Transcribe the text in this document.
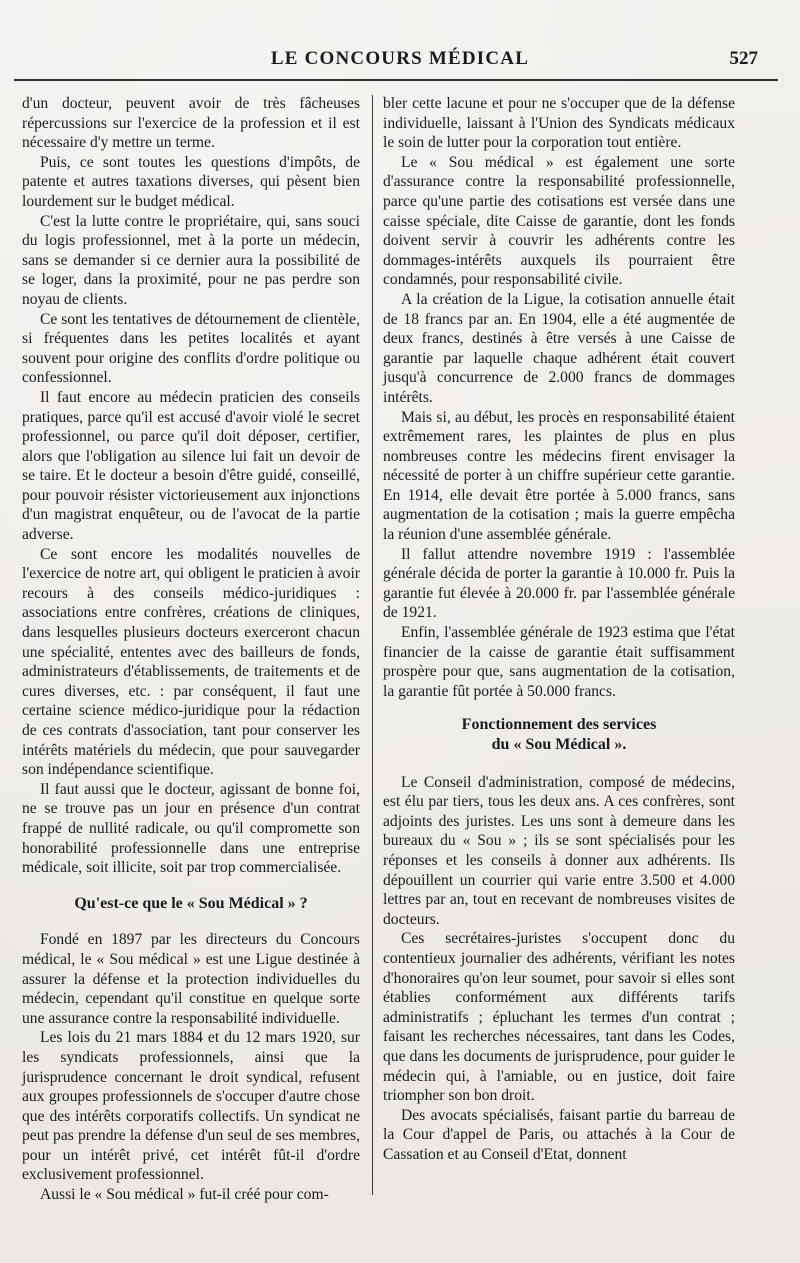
LE CONCOURS MÉDICAL	527

d'un docteur, peuvent avoir de très fâcheuses répercussions sur l'exercice de la profession et il est nécessaire d'y mettre un terme.

Puis, ce sont toutes les questions d'impôts, de patente et autres taxations diverses, qui pèsent bien lourdement sur le budget médical.

C'est la lutte contre le propriétaire, qui, sans souci du logis professionnel, met à la porte un médecin, sans se demander si ce dernier aura la possibilité de se loger, dans la proximité, pour ne pas perdre son noyau de clients.

Ce sont les tentatives de détournement de clientèle, si fréquentes dans les petites localités et ayant souvent pour origine des conflits d'ordre politique ou confessionnel.

Il faut encore au médecin praticien des conseils pratiques, parce qu'il est accusé d'avoir violé le secret professionnel, ou parce qu'il doit déposer, certifier, alors que l'obligation au silence lui fait un devoir de se taire. Et le docteur a besoin d'être guidé, conseillé, pour pouvoir résister victorieusement aux injonctions d'un magistrat enquêteur, ou de l'avocat de la partie adverse.

Ce sont encore les modalités nouvelles de l'exercice de notre art, qui obligent le praticien à avoir recours à des conseils médico-juridiques : associations entre confrères, créations de cliniques, dans lesquelles plusieurs docteurs exerceront chacun une spécialité, ententes avec des bailleurs de fonds, administrateurs d'établissements, de traitements et de cures diverses, etc. : par conséquent, il faut une certaine science médico-juridique pour la rédaction de ces contrats d'association, tant pour conserver les intérêts matériels du médecin, que pour sauvegarder son indépendance scientifique.

Il faut aussi que le docteur, agissant de bonne foi, ne se trouve pas un jour en présence d'un contrat frappé de nullité radicale, ou qu'il compromette son honorabilité professionnelle dans une entreprise médicale, soit illicite, soit par trop commercialisée.

Qu'est-ce que le « Sou Médical » ?

Fondé en 1897 par les directeurs du Concours médical, le « Sou médical » est une Ligue destinée à assurer la défense et la protection individuelles du médecin, cependant qu'il constitue en quelque sorte une assurance contre la responsabilité individuelle.

Les lois du 21 mars 1884 et du 12 mars 1920, sur les syndicats professionnels, ainsi que la jurisprudence concernant le droit syndical, refusent aux groupes professionnels de s'occuper d'autre chose que des intérêts corporatifs collectifs. Un syndicat ne peut pas prendre la défense d'un seul de ses membres, pour un intérêt privé, cet intérêt fût-il d'ordre exclusivement professionnel.

Aussi le « Sou médical » fut-il créé pour com-

bler cette lacune et pour ne s'occuper que de la défense individuelle, laissant à l'Union des Syndicats médicaux le soin de lutter pour la corporation tout entière.

Le « Sou médical » est également une sorte d'assurance contre la responsabilité professionnelle, parce qu'une partie des cotisations est versée dans une caisse spéciale, dite Caisse de garantie, dont les fonds doivent servir à couvrir les adhérents contre les dommages-intérêts auxquels ils pourraient être condamnés, pour responsabilité civile.

A la création de la Ligue, la cotisation annuelle était de 18 francs par an. En 1904, elle a été augmentée de deux francs, destinés à être versés à une Caisse de garantie par laquelle chaque adhérent était couvert jusqu'à concurrence de 2.000 francs de dommages intérêts.

Mais si, au début, les procès en responsabilité étaient extrêmement rares, les plaintes de plus en plus nombreuses contre les médecins firent envisager la nécessité de porter à un chiffre supérieur cette garantie. En 1914, elle devait être portée à 5.000 francs, sans augmentation de la cotisation ; mais la guerre empêcha la réunion d'une assemblée générale.

Il fallut attendre novembre 1919 : l'assemblée générale décida de porter la garantie à 10.000 fr. Puis la garantie fut élevée à 20.000 fr. par l'assemblée générale de 1921.

Enfin, l'assemblée générale de 1923 estima que l'état financier de la caisse de garantie était suffisamment prospère pour que, sans augmentation de la cotisation, la garantie fût portée à 50.000 francs.

Fonctionnement des services
du « Sou Médical ».

Le Conseil d'administration, composé de médecins, est élu par tiers, tous les deux ans. A ces confrères, sont adjoints des juristes. Les uns sont à demeure dans les bureaux du « Sou » ; ils se sont spécialisés pour les réponses et les conseils à donner aux adhérents. Ils dépouillent un courrier qui varie entre 3.500 et 4.000 lettres par an, tout en recevant de nombreuses visites de docteurs.

Ces secrétaires-juristes s'occupent donc du contentieux journalier des adhérents, vérifiant les notes d'honoraires qu'on leur soumet, pour savoir si elles sont établies conformément aux différents tarifs administratifs ; épluchant les termes d'un contrat ; faisant les recherches nécessaires, tant dans les Codes, que dans les documents de jurisprudence, pour guider le médecin qui, à l'amiable, ou en justice, doit faire triompher son bon droit.

Des avocats spécialisés, faisant partie du barreau de la Cour d'appel de Paris, ou attachés à la Cour de Cassation et au Conseil d'Etat, donnent
